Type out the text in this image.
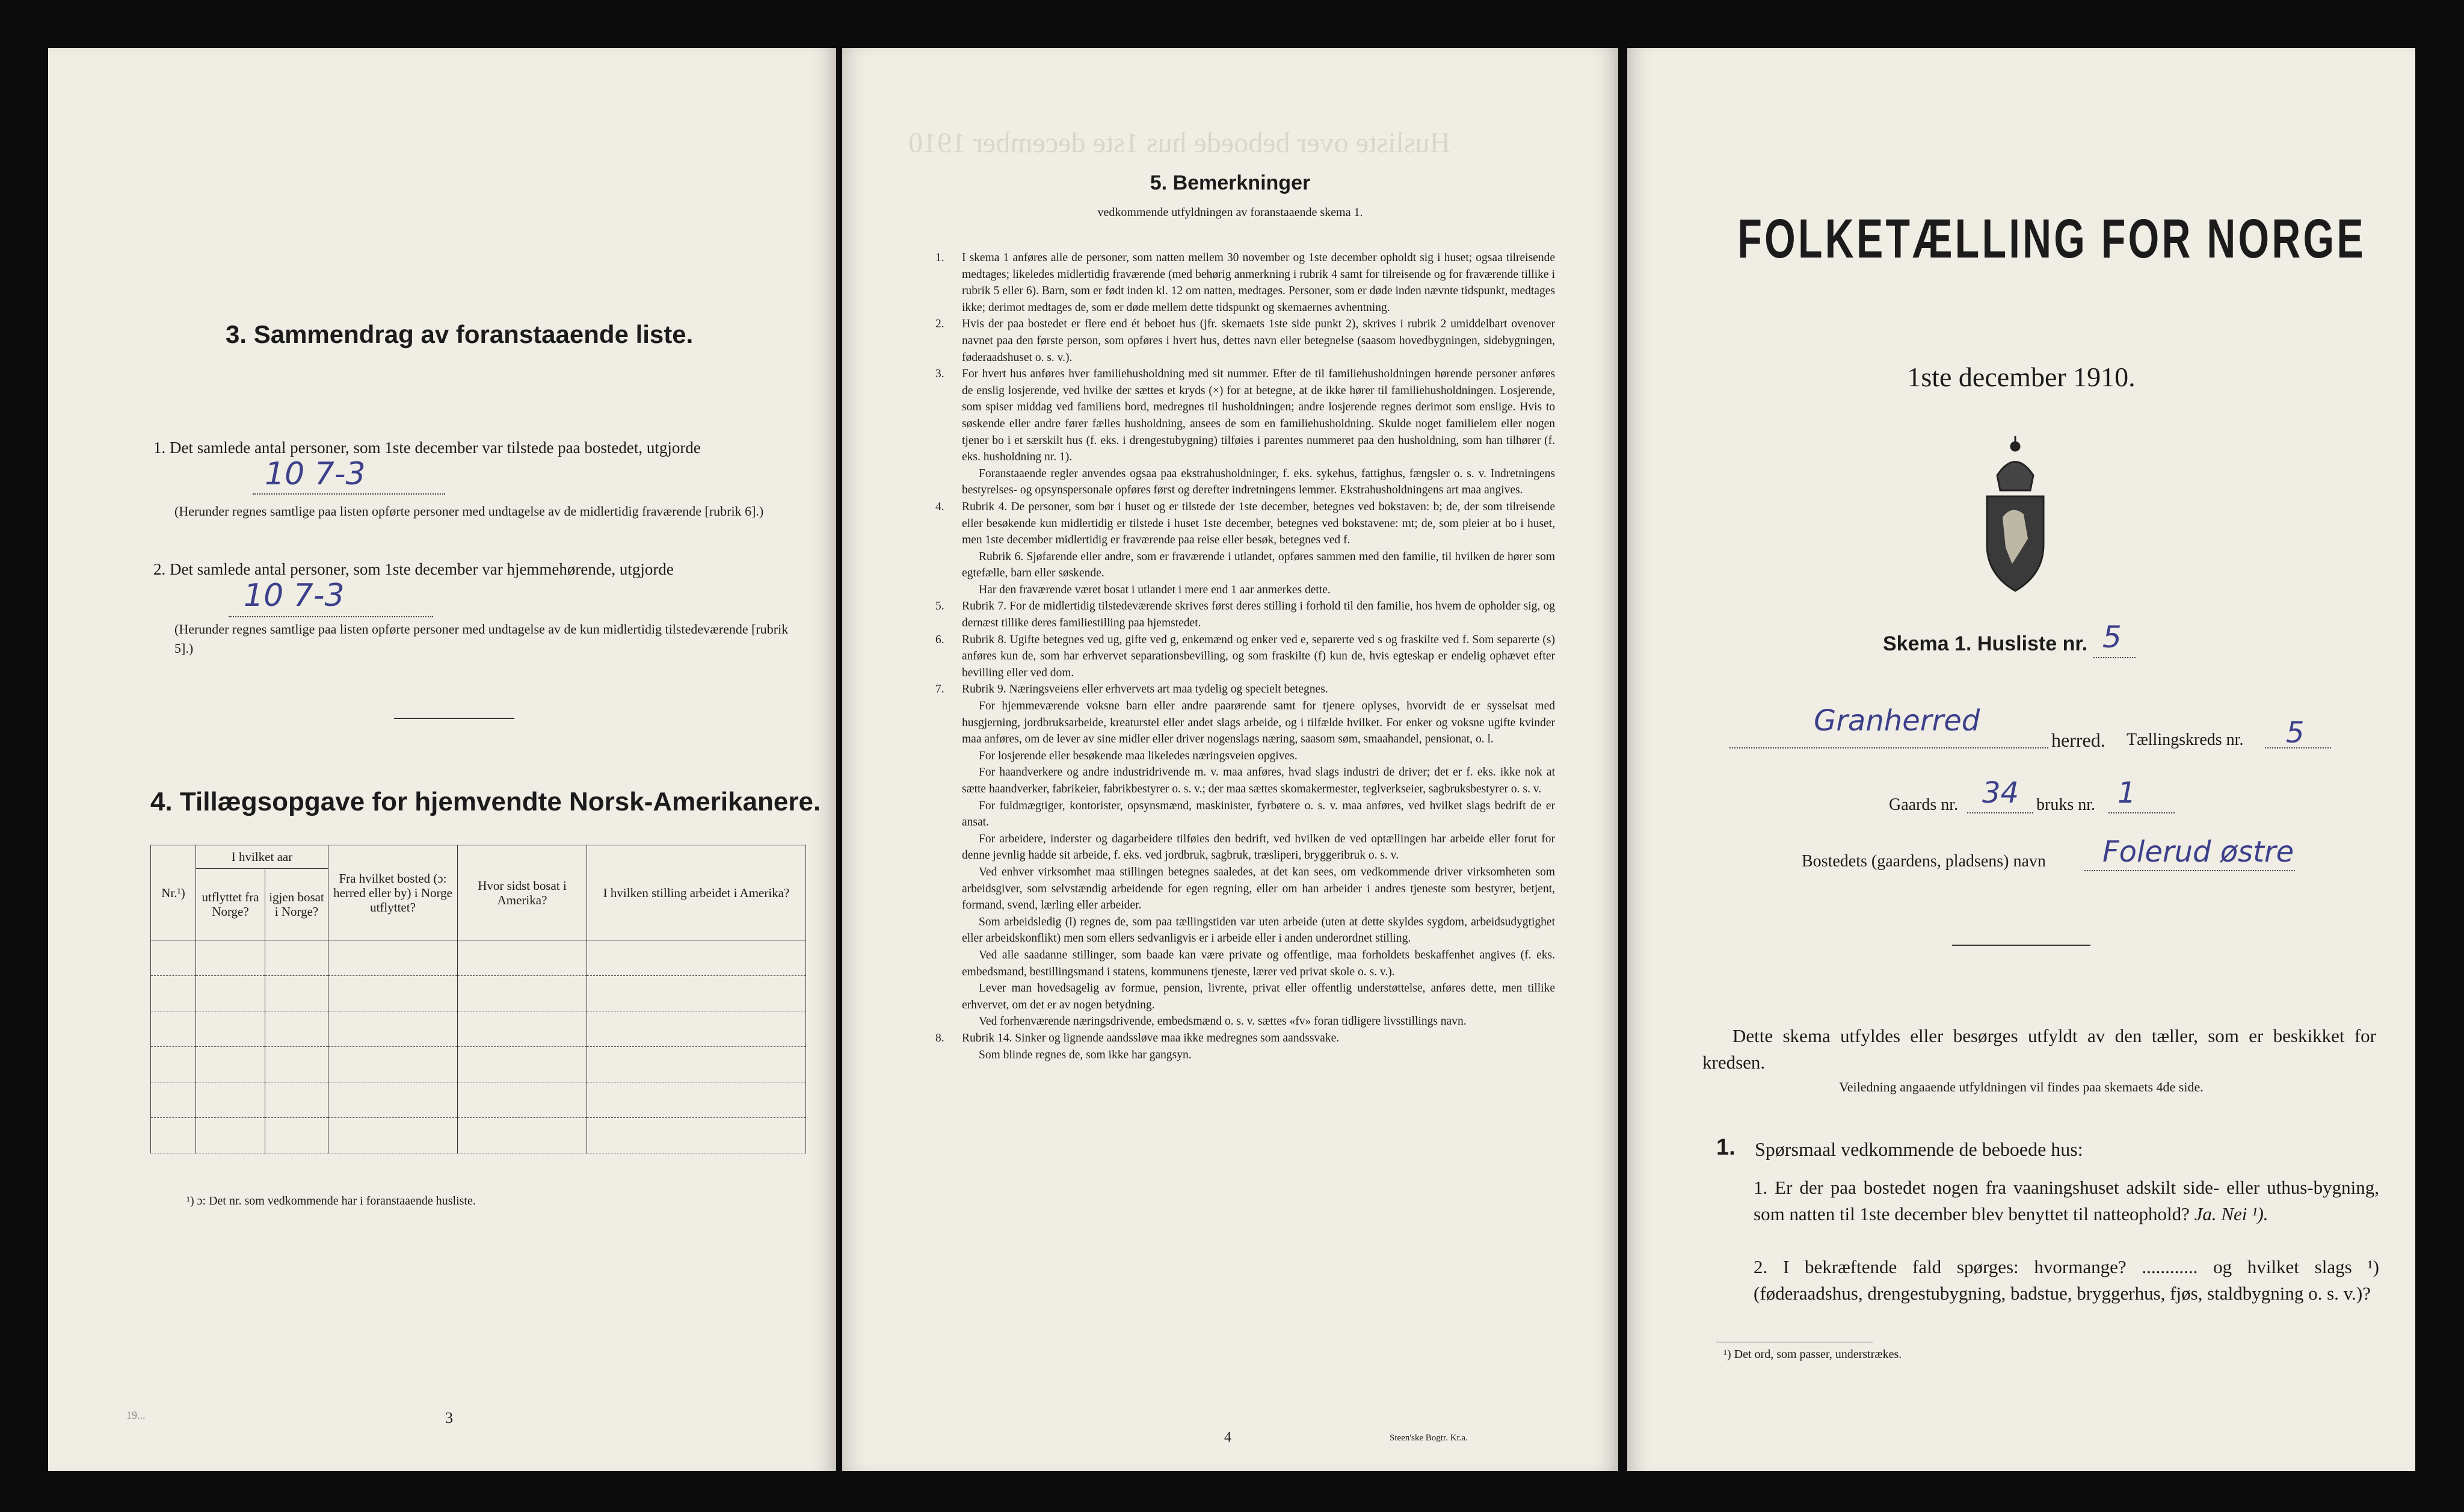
3. Sammendrag av foranstaaende liste.
1. Det samlede antal personer, som 1ste december var tilstede paa bostedet, utgjorde
10 7-3
(Herunder regnes samtlige paa listen opførte personer med undtagelse av de midlertidig fraværende [rubrik 6].)
2. Det samlede antal personer, som 1ste december var hjemmehørende, utgjorde
10 7-3
(Herunder regnes samtlige paa listen opførte personer med undtagelse av de kun midlertidig tilstedeværende [rubrik 5].)
4. Tillægsopgave for hjemvendte Norsk-Amerikanere.
Nr.¹)	I hvilket aar		Fra hvilket bosted (ɔ: herred eller by) i Norge utflyttet?	Hvor sidst bosat i Amerika?	I hvilken stilling arbeidet i Amerika?
	utflyttet fra Norge?	igjen bosat i Norge?			

¹) ɔ: Det nr. som vedkommende har i foranstaaende husliste.
3
19...
Husliste over beboede hus 1ste december 1910
5. Bemerkninger
vedkommende utfyldningen av foranstaaende skema 1.
1. I skema 1 anføres alle de personer, som natten mellem 30 november og 1ste december opholdt sig i huset; ogsaa tilreisende medtages; likeledes midlertidig fraværende (med behørig anmerkning i rubrik 4 samt for tilreisende og for fraværende tillike i rubrik 5 eller 6). Barn, som er født inden kl. 12 om natten, medtages. Personer, som er døde inden nævnte tidspunkt, medtages ikke; derimot medtages de, som er døde mellem dette tidspunkt og skemaernes avhentning.
2. Hvis der paa bostedet er flere end ét beboet hus (jfr. skemaets 1ste side punkt 2), skrives i rubrik 2 umiddelbart ovenover navnet paa den første person, som opføres i hvert hus, dettes navn eller betegnelse (saasom hovedbygningen, sidebygningen, føderaadshuset o. s. v.).
3. For hvert hus anføres hver familiehusholdning med sit nummer. Efter de til familiehusholdningen hørende personer anføres de enslig losjerende, ved hvilke der sættes et kryds (×) for at betegne, at de ikke hører til familiehusholdningen. Losjerende, som spiser middag ved familiens bord, medregnes til husholdningen; andre losjerende regnes derimot som enslige. Hvis to søskende eller andre fører fælles husholdning, ansees de som en familiehusholdning. Skulde noget familielem eller nogen tjener bo i et særskilt hus (f. eks. i drengestubygning) tilføies i parentes nummeret paa den husholdning, som han tilhører (f. eks. husholdning nr. 1).
Foranstaaende regler anvendes ogsaa paa ekstrahusholdninger, f. eks. sykehus, fattighus, fængsler o. s. v. Indretningens bestyrelses- og opsynspersonale opføres først og derefter indretningens lemmer. Ekstrahusholdningens art maa angives.
4. Rubrik 4. De personer, som bør i huset og er tilstede der 1ste december, betegnes ved bokstaven: b; de, der som tilreisende eller besøkende kun midlertidig er tilstede i huset 1ste december, betegnes ved bokstavene: mt; de, som pleier at bo i huset, men 1ste december midlertidig er fraværende paa reise eller besøk, betegnes ved f.
Rubrik 6. Sjøfarende eller andre, som er fraværende i utlandet, opføres sammen med den familie, til hvilken de hører som egtefælle, barn eller søskende.
Har den fraværende været bosat i utlandet i mere end 1 aar anmerkes dette.
5. Rubrik 7. For de midlertidig tilstedeværende skrives først deres stilling i forhold til den familie, hos hvem de opholder sig, og dernæst tillike deres familiestilling paa hjemstedet.
6. Rubrik 8. Ugifte betegnes ved ug, gifte ved g, enkemænd og enker ved e, separerte ved s og fraskilte ved f. Som separerte (s) anføres kun de, som har erhvervet separationsbevilling, og som fraskilte (f) kun de, hvis egteskap er endelig ophævet efter bevilling eller ved dom.
7. Rubrik 9. Næringsveiens eller erhvervets art maa tydelig og specielt betegnes.
For hjemmeværende voksne barn eller andre paarørende samt for tjenere oplyses, hvorvidt de er sysselsat med husgjerning, jordbruksarbeide, kreaturstel eller andet slags arbeide, og i tilfælde hvilket. For enker og voksne ugifte kvinder maa anføres, om de lever av sine midler eller driver nogenslags næring, saasom søm, smaahandel, pensionat, o. l.
For losjerende eller besøkende maa likeledes næringsveien opgives.
For haandverkere og andre industridrivende m. v. maa anføres, hvad slags industri de driver; det er f. eks. ikke nok at sætte haandverker, fabrikeier, fabrikbestyrer o. s. v.; der maa sættes skomakermester, teglverkseier, sagbruksbestyrer o. s. v.
For fuldmægtiger, kontorister, opsynsmænd, maskinister, fyrbøtere o. s. v. maa anføres, ved hvilket slags bedrift de er ansat.
For arbeidere, inderster og dagarbeidere tilføies den bedrift, ved hvilken de ved optællingen har arbeide eller forut for denne jevnlig hadde sit arbeide, f. eks. ved jordbruk, sagbruk, træsliperi, bryggeribruk o. s. v.
Ved enhver virksomhet maa stillingen betegnes saaledes, at det kan sees, om vedkommende driver virksomheten som arbeidsgiver, som selvstændig arbeidende for egen regning, eller om han arbeider i andres tjeneste som bestyrer, betjent, formand, svend, lærling eller arbeider.
Som arbeidsledig (l) regnes de, som paa tællingstiden var uten arbeide (uten at dette skyldes sygdom, arbeidsudygtighet eller arbeidskonflikt) men som ellers sedvanligvis er i arbeide eller i anden underordnet stilling.
Ved alle saadanne stillinger, som baade kan være private og offentlige, maa forholdets beskaffenhet angives (f. eks. embedsmand, bestillingsmand i statens, kommunens tjeneste, lærer ved privat skole o. s. v.).
Lever man hovedsagelig av formue, pension, livrente, privat eller offentlig understøttelse, anføres dette, men tillike erhvervet, om det er av nogen betydning.
Ved forhenværende næringsdrivende, embedsmænd o. s. v. sættes «fv» foran tidligere livsstillings navn.
8. Rubrik 14. Sinker og lignende aandssløve maa ikke medregnes som aandssvake.
Som blinde regnes de, som ikke har gangsyn.
4	Steen'ske Bogtr. Kr.a.
FOLKETÆLLING FOR NORGE
1ste december 1910.
Skema 1. Husliste nr. 5
Granherred
herred. Tællingskreds nr. 5
Gaards nr. 34 bruks nr. 1
Bostedets (gaardens, pladsens) navn Folerud østre
Dette skema utfyldes eller besørges utfyldt av den tæller, som er beskikket for kredsen.
Veiledning angaaende utfyldningen vil findes paa skemaets 4de side.
1. Spørsmaal vedkommende de beboede hus:
1. Er der paa bostedet nogen fra vaaningshuset adskilt side- eller uthus-bygning, som natten til 1ste december blev benyttet til natteophold? Ja. Nei ¹).
2. I bekræftende fald spørges: hvormange? ............ og hvilket slags ¹) (føderaadshus, drengestubygning, badstue, bryggerhus, fjøs, staldbygning o. s. v.)?
¹) Det ord, som passer, understrækes.
